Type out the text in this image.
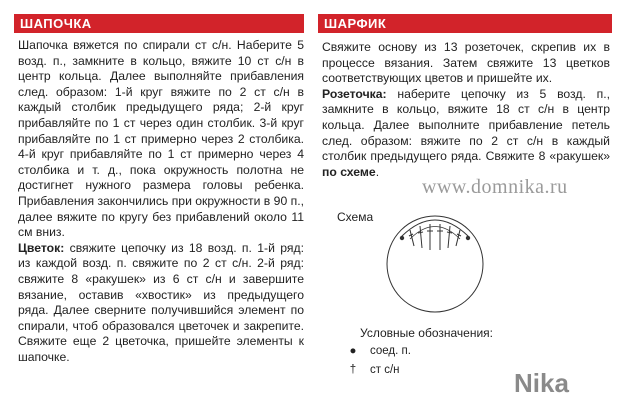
ШАПОЧКА

Шапочка вяжется по спирали ст с/н. Наберите 5 возд. п., замкните в кольцо, вяжите 10 ст с/н в центр кольца. Далее выполняйте прибавления след. образом: 1-й круг вяжите по 2 ст с/н в каждый столбик предыдущего ряда; 2-й круг прибавляйте по 1 ст через один столбик. 3-й круг прибавляйте по 1 ст примерно через 2 столбика. 4-й круг прибавляйте по 1 ст примерно через 4 столбика и т. д., пока окружность полотна не достигнет нужного размера головы ребенка. Прибавления закончились при окружности в 90 п., далее вяжите по кругу без прибавлений около 11 см вниз.

Цветок: свяжите цепочку из 18 возд. п. 1-й ряд: из каждой возд. п. свяжите по 2 ст с/н. 2-й ряд: свяжите 8 «ракушек» из 6 ст с/н и завершите вязание, оставив «хвостик» из предыдущего ряда. Далее сверните получившийся элемент по спирали, чтоб образовался цветочек и закрепите. Свяжите еще 2 цветочка, пришейте элементы к шапочке.

ШАРФИК

Свяжите основу из 13 розеточек, скрепив их в процессе вязания. Затем свяжите 13 цветков соответствующих цветов и пришейте их.

Розеточка: наберите цепочку из 5 возд. п., замкните в кольцо, вяжите 18 ст с/н в центр кольца. Далее выполните прибавление петель след. образом: вяжите по 2 ст с/н в каждый столбик предыдущего ряда. Свяжите 8 «ракушек» по схеме.

www.domnika.ru
Схема
Условные обозначения:
●	соед. п.
†	ст с/н	Nika
